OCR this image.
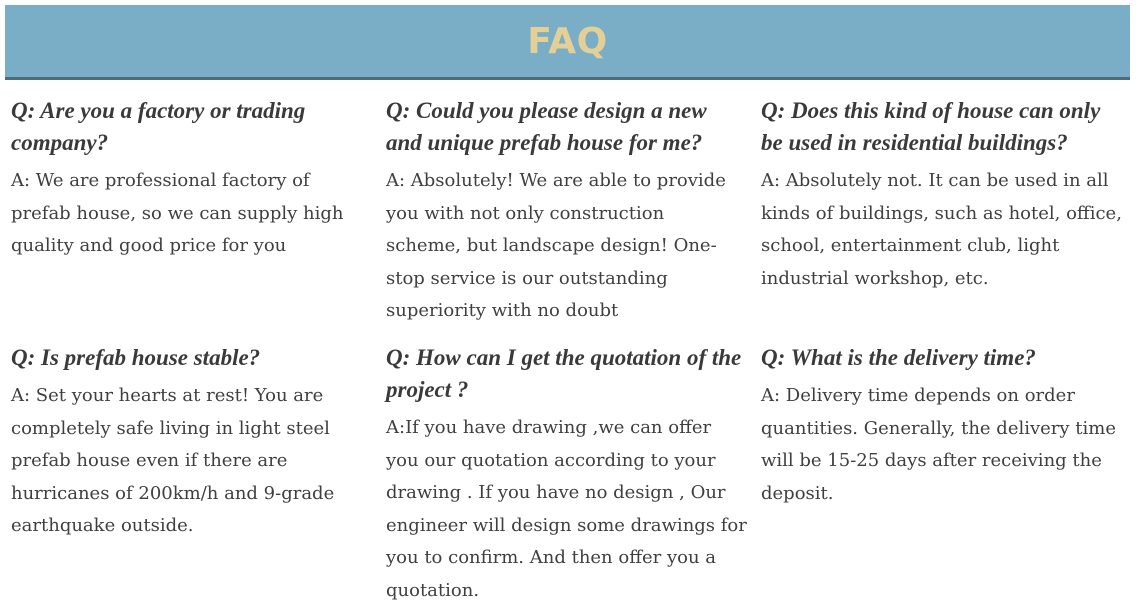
FAQ

Q: Are you a factory or trading company?

A: We are professional factory of prefab house, so we can supply high quality and good price for you

Q: Could you please design a new and unique prefab house for me?

A: Absolutely! We are able to provide you with not only construction scheme, but landscape design! One-stop service is our outstanding superiority with no doubt

Q: Does this kind of house can only be used in residential buildings?

A: Absolutely not. It can be used in all kinds of buildings, such as hotel, office, school, entertainment club, light industrial workshop, etc.

Q: Is prefab house stable?

A: Set your hearts at rest! You are completely safe living in light steel prefab house even if there are hurricanes of 200km/h and 9-grade earthquake outside.

Q: How can I get the quotation of the project ?

A:If you have drawing ,we can offer you our quotation according to your drawing . If you have no design , Our engineer will design some drawings for you to confirm. And then offer you a quotation.

Q: What is the delivery time?

A: Delivery time depends on order quantities. Generally, the delivery time will be 15-25 days after receiving the deposit.
